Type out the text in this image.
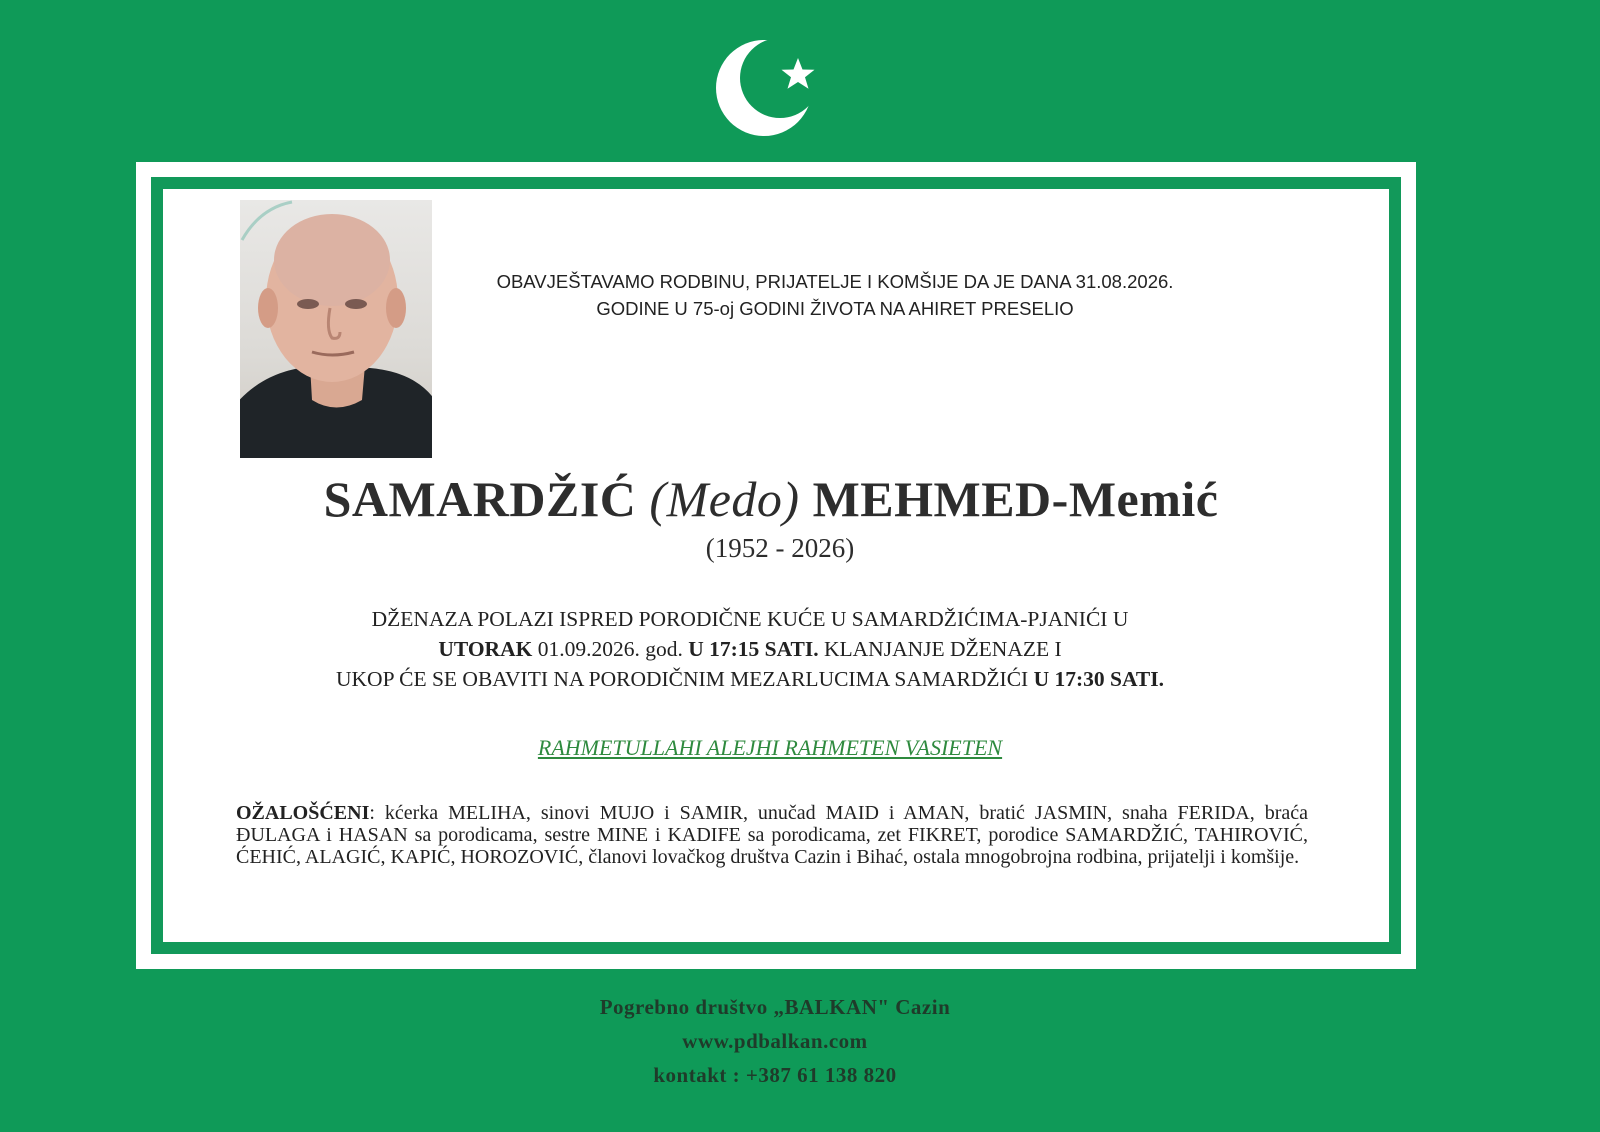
OBAVJEŠTAVAMO RODBINU, PRIJATELJE I KOMŠIJE DA JE DANA 31.08.2026.
GODINE U 75-oj GODINI ŽIVOTA NA AHIRET PRESELIO
SAMARDŽIĆ (Medo) MEHMED-Memić
(1952 - 2026)
DŽENAZA POLAZI ISPRED PORODIČNE KUĆE U SAMARDŽIĆIMA-PJANIĆI U
UTORAK 01.09.2026. god. U 17:15 SATI. KLANJANJE DŽENAZE I
UKOP ĆE SE OBAVITI NA PORODIČNIM MEZARLUCIMA SAMARDŽIĆI U 17:30 SATI.
RAHMETULLAHI ALEJHI RAHMETEN VASIETEN
OŽALOŠĆENI: kćerka MELIHA, sinovi MUJO i SAMIR, unučad MAID i AMAN, bratić JASMIN, snaha FERIDA, braća ĐULAGA i HASAN sa porodicama, sestre MINE i KADIFE sa porodicama, zet FIKRET, porodice SAMARDŽIĆ, TAHIROVIĆ, ĆEHIĆ, ALAGIĆ, KAPIĆ, HOROZOVIĆ, članovi lovačkog društva Cazin i Bihać, ostala mnogobrojna rodbina, prijatelji i komšije.
Pogrebno društvo „BALKAN" Cazin
www.pdbalkan.com
kontakt : +387 61 138 820
